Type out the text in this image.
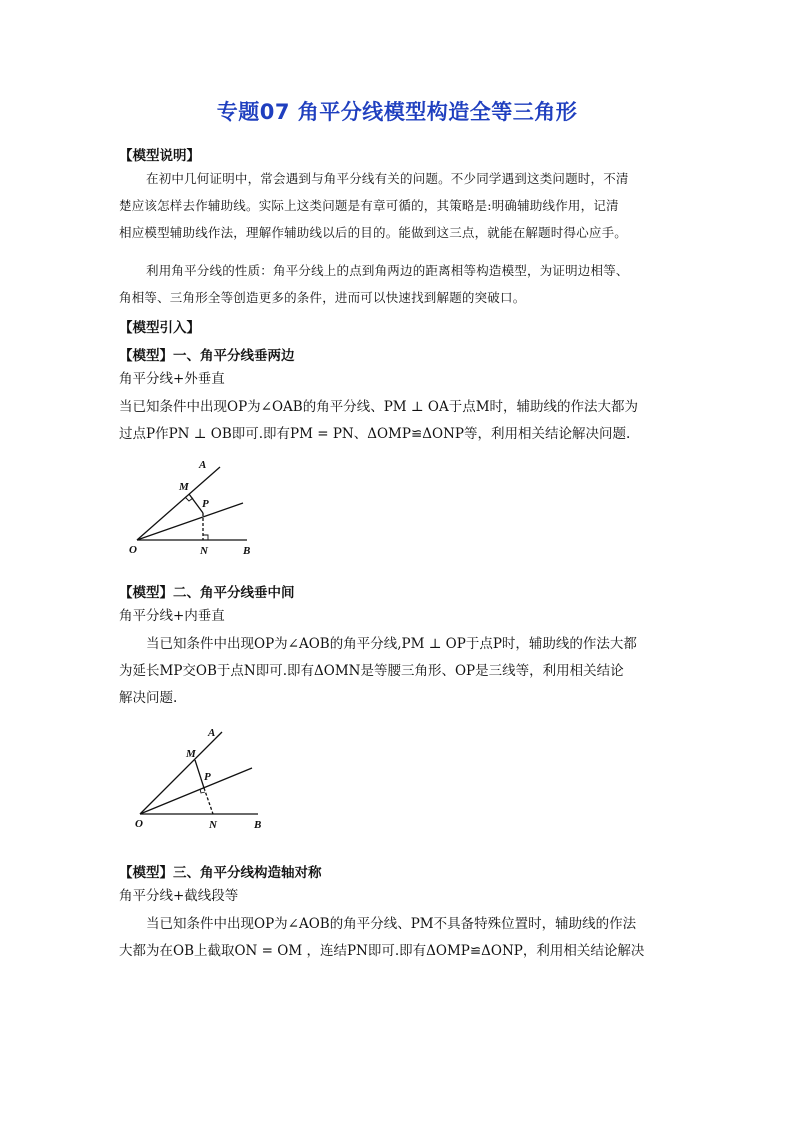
专题07 角平分线模型构造全等三角形
【模型说明】
在初中几何证明中，常会遇到与角平分线有关的问题。不少同学遇到这类问题时，不清
楚应该怎样去作辅助线。实际上这类问题是有章可循的，其策略是:明确辅助线作用，记清
相应模型辅助线作法，理解作辅助线以后的目的。能做到这三点，就能在解题时得心应手。
利用角平分线的性质：角平分线上的点到角两边的距离相等构造模型，为证明边相等、
角相等、三角形全等创造更多的条件，进而可以快速找到解题的突破口。
【模型引入】
【模型】一、角平分线垂两边
角平分线+外垂直
当已知条件中出现OP为∠OAB的角平分线、PM ⊥ OA于点M时，辅助线的作法大都为
过点P作PN ⊥ OB即可.即有PM = PN、ΔOMP≌ΔONP等，利用相关结论解决问题.
A
M
P
O	N	B
【模型】二、角平分线垂中间
角平分线+内垂直
当已知条件中出现OP为∠AOB的角平分线,PM ⊥ OP于点P时，辅助线的作法大都
为延长MP交OB于点N即可.即有ΔOMN是等腰三角形、OP是三线等，利用相关结论
解决问题.
A
M
P
O	N	B
【模型】三、角平分线构造轴对称
角平分线+截线段等
当已知条件中出现OP为∠AOB的角平分线、PM不具备特殊位置时，辅助线的作法
大都为在OB上截取ON = OM ，连结PN即可.即有ΔOMP≌ΔONP，利用相关结论解决
